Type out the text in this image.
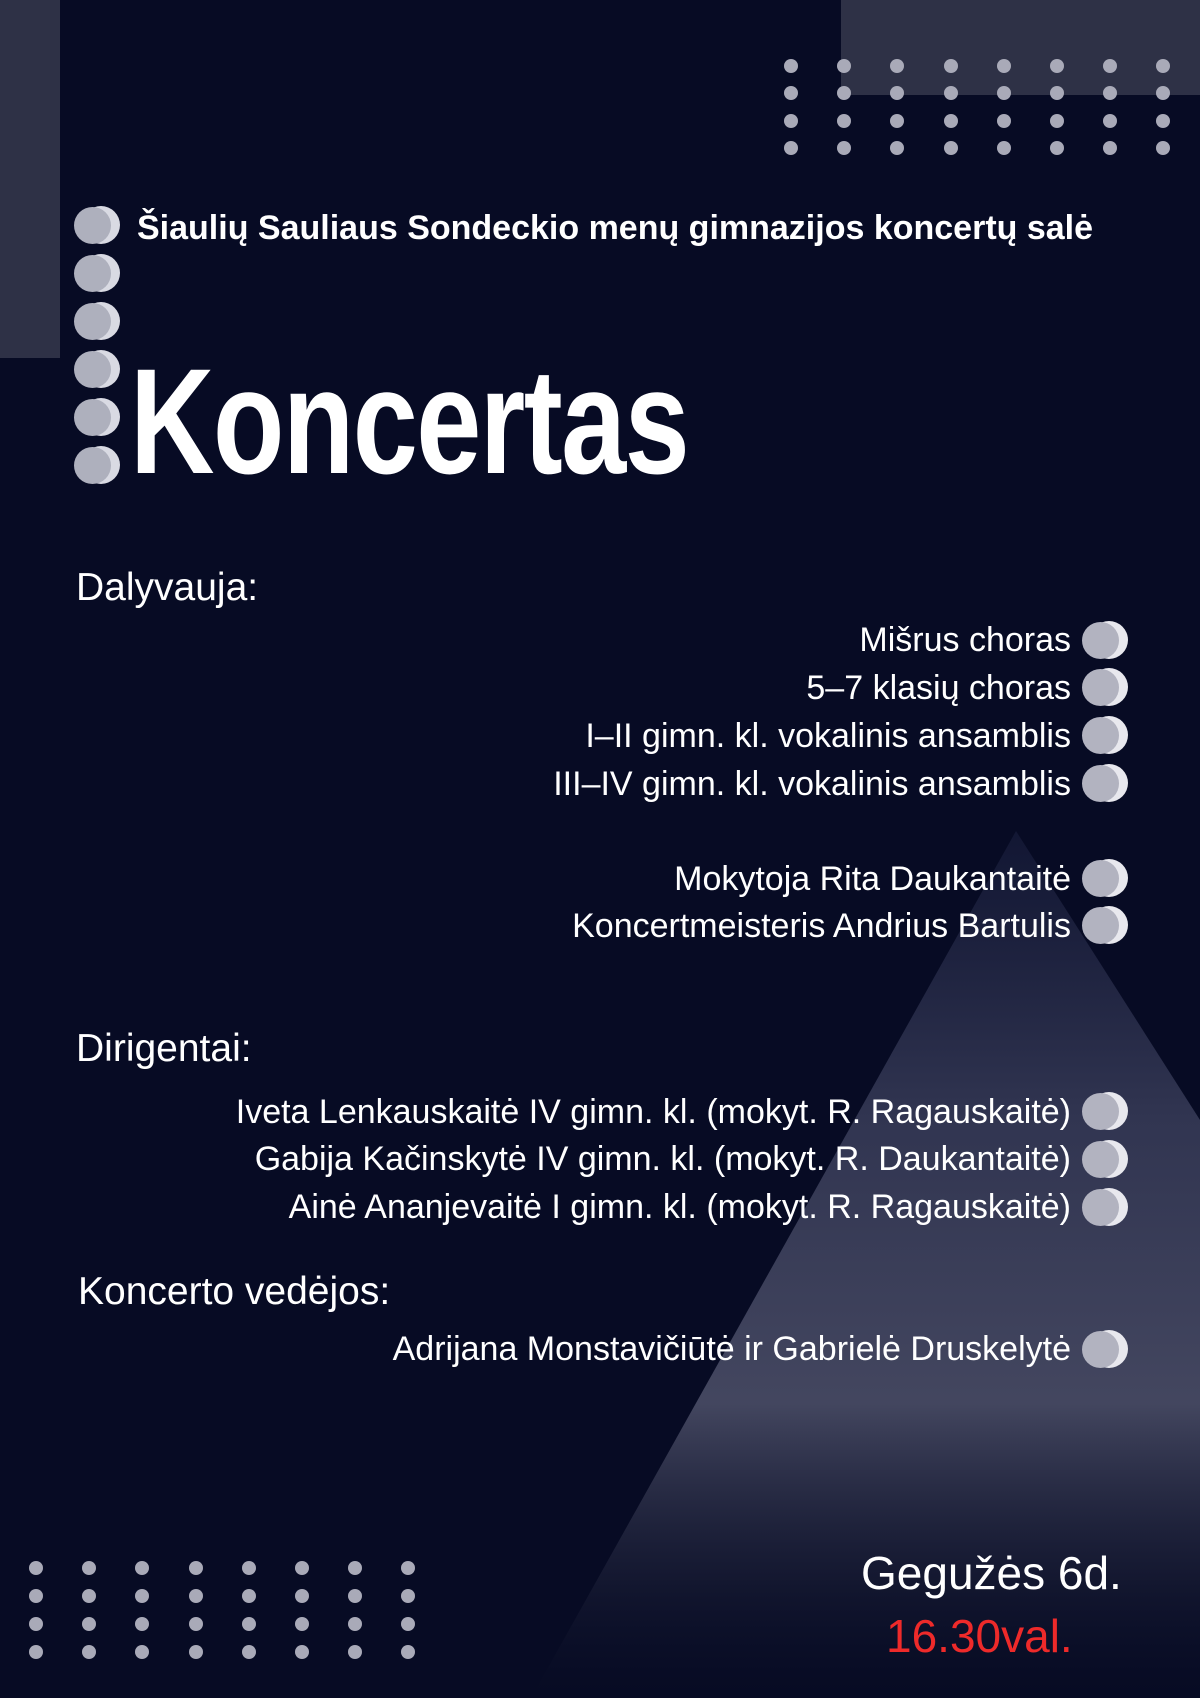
Šiaulių Sauliaus Sondeckio menų gimnazijos koncertų salė
Koncertas
Dalyvauja:
Mišrus choras
5–7 klasių choras
I–II gimn. kl. vokalinis ansamblis
III–IV gimn. kl. vokalinis ansamblis
Mokytoja Rita Daukantaitė
Koncertmeisteris Andrius Bartulis
Dirigentai:
Iveta Lenkauskaitė IV gimn. kl. (mokyt. R. Ragauskaitė)
Gabija Kačinskytė IV gimn. kl. (mokyt. R. Daukantaitė)
Ainė Ananjevaitė I gimn. kl. (mokyt. R. Ragauskaitė)
Koncerto vedėjos:
Adrijana Monstavičiūtė ir Gabrielė Druskelytė
Gegužės 6d.
16.30val.
